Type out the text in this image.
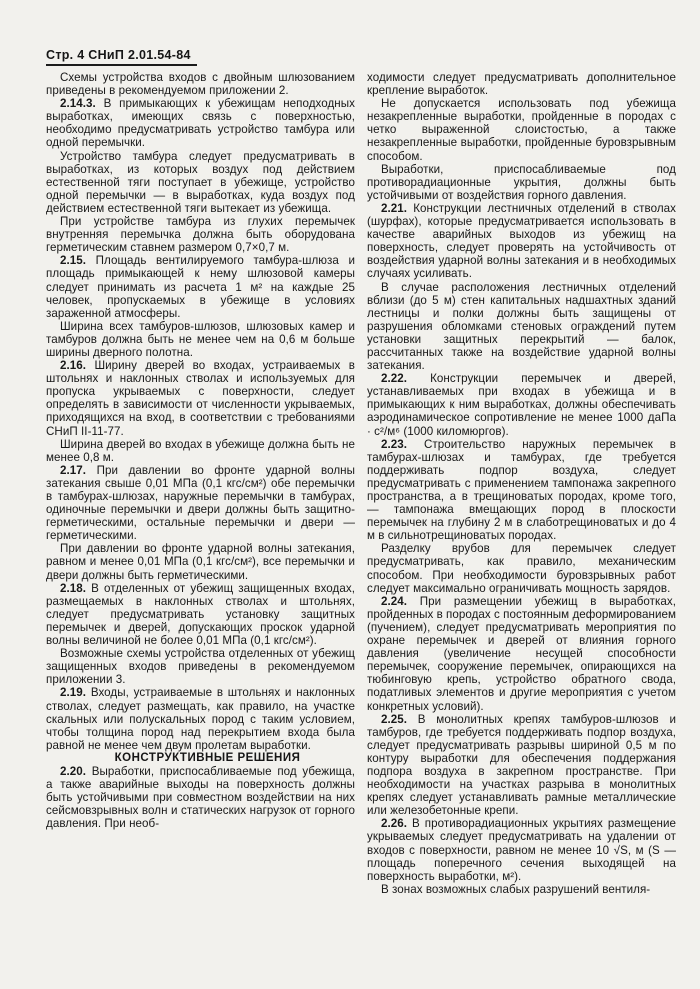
Стр. 4 СНиП 2.01.54-84

Схемы устройства входов с двойным шлюзованием приведены в рекомендуемом приложении 2.

2.14.3. В примыкающих к убежищам неподходных выработках, имеющих связь с поверхностью, необходимо предусматривать устройство тамбура или одной перемычки.

Устройство тамбура следует предусматривать в выработках, из которых воздух под действием естественной тяги поступает в убежище, устройство одной перемычки — в выработках, куда воздух под действием естественной тяги вытекает из убежища.

При устройстве тамбура из глухих перемычек внутренняя перемычка должна быть оборудована герметическим ставнем размером 0,7×0,7 м.

2.15. Площадь вентилируемого тамбура-шлюза и площадь примыкающей к нему шлюзовой камеры следует принимать из расчета 1 м² на каждые 25 человек, пропускаемых в убежище в условиях зараженной атмосферы.

Ширина всех тамбуров-шлюзов, шлюзовых камер и тамбуров должна быть не менее чем на 0,6 м больше ширины дверного полотна.

2.16. Ширину дверей во входах, устраиваемых в штольнях и наклонных стволах и используемых для пропуска укрываемых с поверхности, следует определять в зависимости от численности укрываемых, приходящихся на вход, в соответствии с требованиями СНиП II-11-77.

Ширина дверей во входах в убежище должна быть не менее 0,8 м.

2.17. При давлении во фронте ударной волны затекания свыше 0,01 МПа (0,1 кгс/см²) обе перемычки в тамбурах-шлюзах, наружные перемычки в тамбурах, одиночные перемычки и двери должны быть защитно-герметическими, остальные перемычки и двери — герметическими.

При давлении во фронте ударной волны затекания, равном и менее 0,01 МПа (0,1 кгс/см²), все перемычки и двери должны быть герметическими.

2.18. В отделенных от убежищ защищенных входах, размещаемых в наклонных стволах и штольнях, следует предусматривать установку защитных перемычек и дверей, допускающих проскок ударной волны величиной не более 0,01 МПа (0,1 кгс/см²).

Возможные схемы устройства отделенных от убежищ защищенных входов приведены в рекомендуемом приложении 3.

2.19. Входы, устраиваемые в штольнях и наклонных стволах, следует размещать, как правило, на участке скальных или полускальных пород с таким условием, чтобы толщина пород над перекрытием входа была равной не менее чем двум пролетам выработки.

КОНСТРУКТИВНЫЕ РЕШЕНИЯ

2.20. Выработки, приспосабливаемые под убежища, а также аварийные выходы на поверхность должны быть устойчивыми при совместном воздействии на них сейсмовзрывных волн и статических нагрузок от горного давления. При необ-

ходимости следует предусматривать дополнительное крепление выработок.

Не допускается использовать под убежища незакрепленные выработки, пройденные в породах с четко выраженной слоистостью, а также незакрепленные выработки, пройденные буровзрывным способом.

Выработки, приспосабливаемые под противорадиационные укрытия, должны быть устойчивыми от воздействия горного давления.

2.21. Конструкции лестничных отделений в стволах (шурфах), которые предусматривается использовать в качестве аварийных выходов из убежищ на поверхность, следует проверять на устойчивость от воздействия ударной волны затекания и в необходимых случаях усиливать.

В случае расположения лестничных отделений вблизи (до 5 м) стен капитальных надшахтных зданий лестницы и полки должны быть защищены от разрушения обломками стеновых ограждений путем установки защитных перекрытий — балок, рассчитанных также на воздействие ударной волны затекания.

2.22. Конструкции перемычек и дверей, устанавливаемых при входах в убежища и в примыкающих к ним выработках, должны обеспечивать аэродинамическое сопротивление не менее 1000 даПа · с²/м⁶ (1000 киломюргов).

2.23. Строительство наружных перемычек в тамбурах-шлюзах и тамбурах, где требуется поддерживать подпор воздуха, следует предусматривать с применением тампонажа закрепного пространства, а в трещиноватых породах, кроме того, — тампонажа вмещающих пород в плоскости перемычек на глубину 2 м в слаботрещиноватых и до 4 м в сильнотрещиноватых породах.

Разделку врубов для перемычек следует предусматривать, как правило, механическим способом. При необходимости буровзрывных работ следует максимально ограничивать мощность зарядов.

2.24. При размещении убежищ в выработках, пройденных в породах с постоянным деформированием (пучением), следует предусматривать мероприятия по охране перемычек и дверей от влияния горного давления (увеличение несущей способности перемычек, сооружение перемычек, опирающихся на тюбинговую крепь, устройство обратного свода, податливых элементов и другие мероприятия с учетом конкретных условий).

2.25. В монолитных крепях тамбуров-шлюзов и тамбуров, где требуется поддерживать подпор воздуха, следует предусматривать разрывы шириной 0,5 м по контуру выработки для обеспечения поддержания подпора воздуха в закрепном пространстве. При необходимости на участках разрыва в монолитных крепях следует устанавливать рамные металлические или железобетонные крепи.

2.26. В противорадиационных укрытиях размещение укрываемых следует предусматривать на удалении от входов с поверхности, равном не менее 10 √S, м (S — площадь поперечного сечения выходящей на поверхность выработки, м²).

В зонах возможных слабых разрушений вентиля-
